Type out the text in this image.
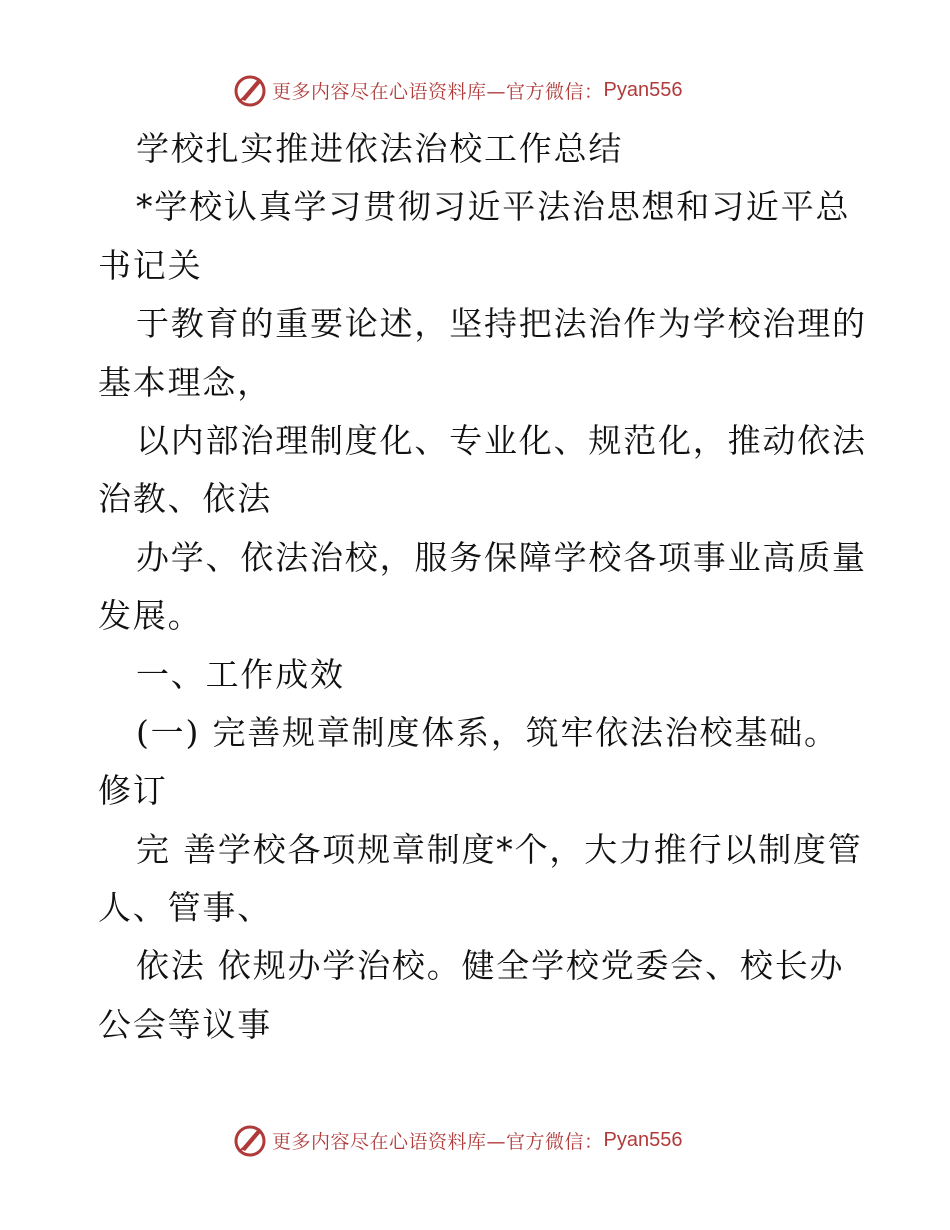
更多内容尽在心语资料库—官方微信： Pyan556
学校扎实推进依法治校工作总结
*学校认真学习贯彻习近平法治思想和习近平总
书记关
于教育的重要论述，坚持把法治作为学校治理的
基本理念，
以内部治理制度化、专业化、规范化，推动依法
治教、依法
办学、依法治校，服务保障学校各项事业高质量
发展。
一、工作成效
(一) 完善规章制度体系，筑牢依法治校基础。
修订
完 善学校各项规章制度*个，大力推行以制度管
人、管事、
依法 依规办学治校。健全学校党委会、校长办
公会等议事
更多内容尽在心语资料库—官方微信： Pyan556
